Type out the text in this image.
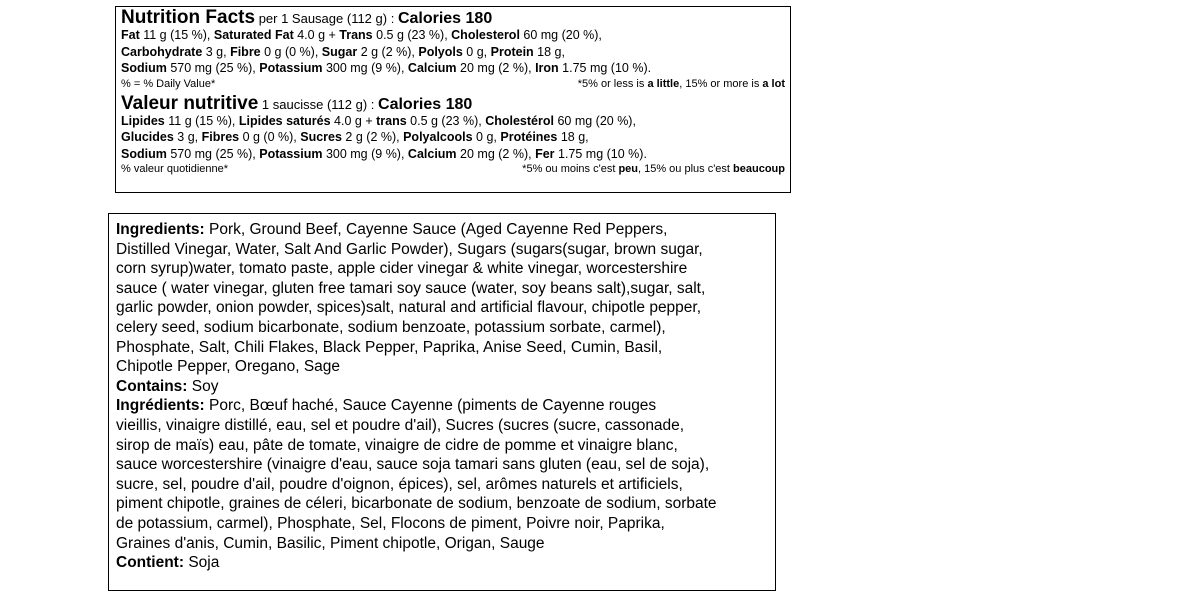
Nutrition Facts per 1 Sausage (112 g) : Calories 180
Fat 11 g (15 %), Saturated Fat 4.0 g + Trans 0.5 g (23 %), Cholesterol 60 mg (20 %),
Carbohydrate 3 g, Fibre 0 g (0 %), Sugar 2 g (2 %), Polyols 0 g, Protein 18 g,
Sodium 570 mg (25 %), Potassium 300 mg (9 %), Calcium 20 mg (2 %), Iron 1.75 mg (10 %).
% = % Daily Value*	*5% or less is a little, 15% or more is a lot
Valeur nutritive 1 saucisse (112 g) : Calories 180
Lipides 11 g (15 %), Lipides saturés 4.0 g + trans 0.5 g (23 %), Cholestérol 60 mg (20 %),
Glucides 3 g, Fibres 0 g (0 %), Sucres 2 g (2 %), Polyalcools 0 g, Protéines 18 g,
Sodium 570 mg (25 %), Potassium 300 mg (9 %), Calcium 20 mg (2 %), Fer 1.75 mg (10 %).
% valeur quotidienne*	*5% ou moins c'est peu, 15% ou plus c'est beaucoup
Ingredients: Pork, Ground Beef, Cayenne Sauce (Aged Cayenne Red Peppers,
Distilled Vinegar, Water, Salt And Garlic Powder), Sugars (sugars(sugar, brown sugar,
corn syrup)water, tomato paste, apple cider vinegar & white vinegar, worcestershire
sauce ( water vinegar, gluten free tamari soy sauce (water, soy beans salt),sugar, salt,
garlic powder, onion powder, spices)salt, natural and artificial flavour, chipotle pepper,
celery seed, sodium bicarbonate, sodium benzoate, potassium sorbate, carmel),
Phosphate, Salt, Chili Flakes, Black Pepper, Paprika, Anise Seed, Cumin, Basil,
Chipotle Pepper, Oregano, Sage
Contains: Soy
Ingrédients: Porc, Bœuf haché, Sauce Cayenne (piments de Cayenne rouges
vieillis, vinaigre distillé, eau, sel et poudre d'ail), Sucres (sucres (sucre, cassonade,
sirop de maïs) eau, pâte de tomate, vinaigre de cidre de pomme et vinaigre blanc,
sauce worcestershire (vinaigre d'eau, sauce soja tamari sans gluten (eau, sel de soja),
sucre, sel, poudre d'ail, poudre d'oignon, épices), sel, arômes naturels et artificiels,
piment chipotle, graines de céleri, bicarbonate de sodium, benzoate de sodium, sorbate
de potassium, carmel), Phosphate, Sel, Flocons de piment, Poivre noir, Paprika,
Graines d'anis, Cumin, Basilic, Piment chipotle, Origan, Sauge
Contient: Soja
